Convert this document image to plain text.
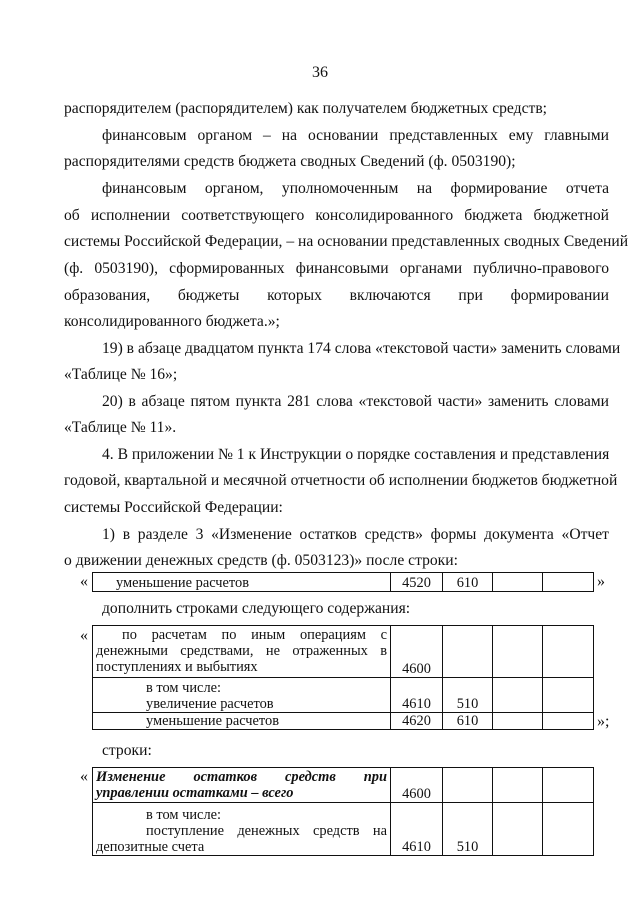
36
распорядителем (распорядителем) как получателем бюджетных средств;
финансовым органом – на основании представленных ему главными
распорядителями средств бюджета сводных Сведений (ф. 0503190);
финансовым органом, уполномоченным на формирование отчета
об исполнении соответствующего консолидированного бюджета бюджетной
системы Российской Федерации, – на основании представленных сводных Сведений
(ф. 0503190), сформированных финансовыми органами публично-правового
образования, бюджеты которых включаются при формировании
консолидированного бюджета.»;
19) в абзаце двадцатом пункта 174 слова «текстовой части» заменить словами
«Таблице № 16»;
20) в абзаце пятом пункта 281 слова «текстовой части» заменить словами
«Таблице № 11».
4. В приложении № 1 к Инструкции о порядке составления и представления
годовой, квартальной и месячной отчетности об исполнении бюджетов бюджетной
системы Российской Федерации:
1) в разделе 3 «Изменение остатков средств» формы документа «Отчет
о движении денежных средств (ф. 0503123)» после строки:
«	уменьшение расчетов	4520	610			»
дополнить строками следующего содержания:
« по расчетам по иным операциям с денежными средствами, не отраженных в поступлениях и выбытиях	4600			

в том числе:
увеличение расчетов	4610	510		

уменьшение расчетов	4620	610			»;
строки:
« Изменение остатков средств при управлении остатками – всего	4600			

в том числе:
поступление денежных средств на депозитные счета	4610	510		
